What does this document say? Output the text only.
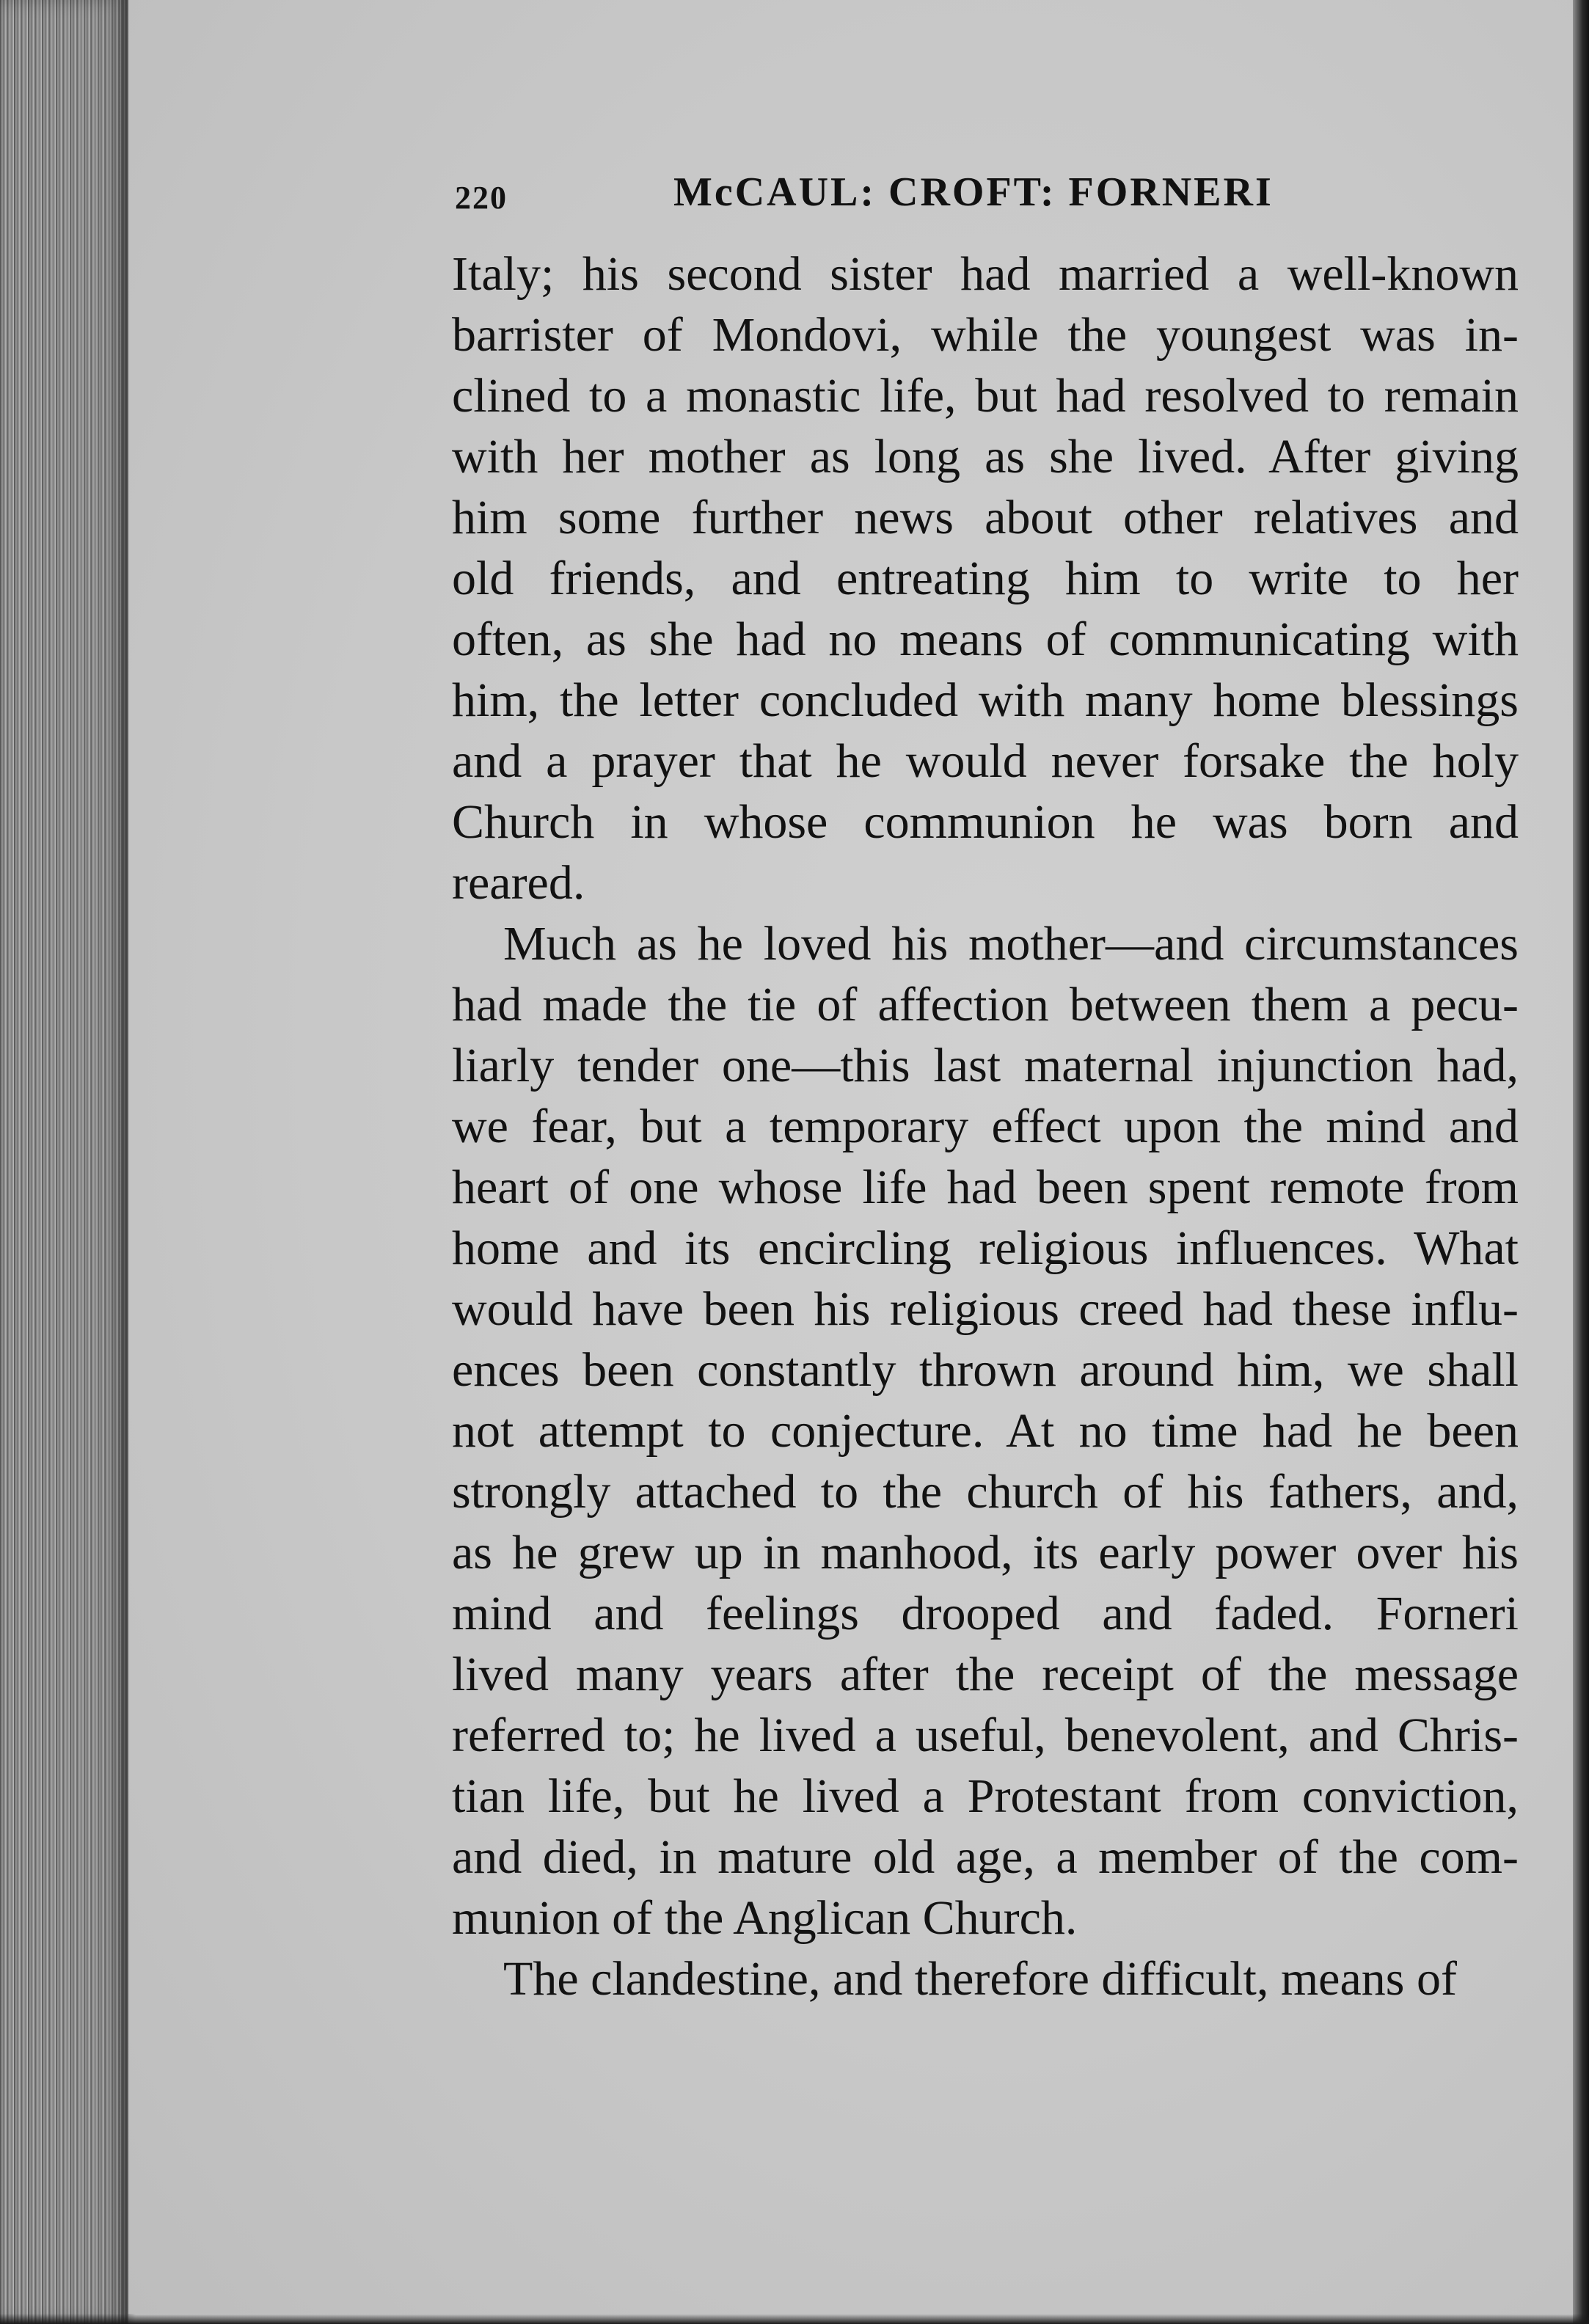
220	McCAUL: CROFT: FORNERI
Italy; his second sister had married a well-known
barrister of Mondovi, while the youngest was in-
clined to a monastic life, but had resolved to remain
with her mother as long as she lived. After giving
him some further news about other relatives and
old friends, and entreating him to write to her
often, as she had no means of communicating with
him, the letter concluded with many home blessings
and a prayer that he would never forsake the holy
Church in whose communion he was born and
reared.
Much as he loved his mother—and circumstances
had made the tie of affection between them a pecu-
liarly tender one—this last maternal injunction had,
we fear, but a temporary effect upon the mind and
heart of one whose life had been spent remote from
home and its encircling religious influences. What
would have been his religious creed had these influ-
ences been constantly thrown around him, we shall
not attempt to conjecture. At no time had he been
strongly attached to the church of his fathers, and,
as he grew up in manhood, its early power over his
mind and feelings drooped and faded. Forneri
lived many years after the receipt of the message
referred to; he lived a useful, benevolent, and Chris-
tian life, but he lived a Protestant from conviction,
and died, in mature old age, a member of the com-
munion of the Anglican Church.
The clandestine, and therefore difficult, means of
